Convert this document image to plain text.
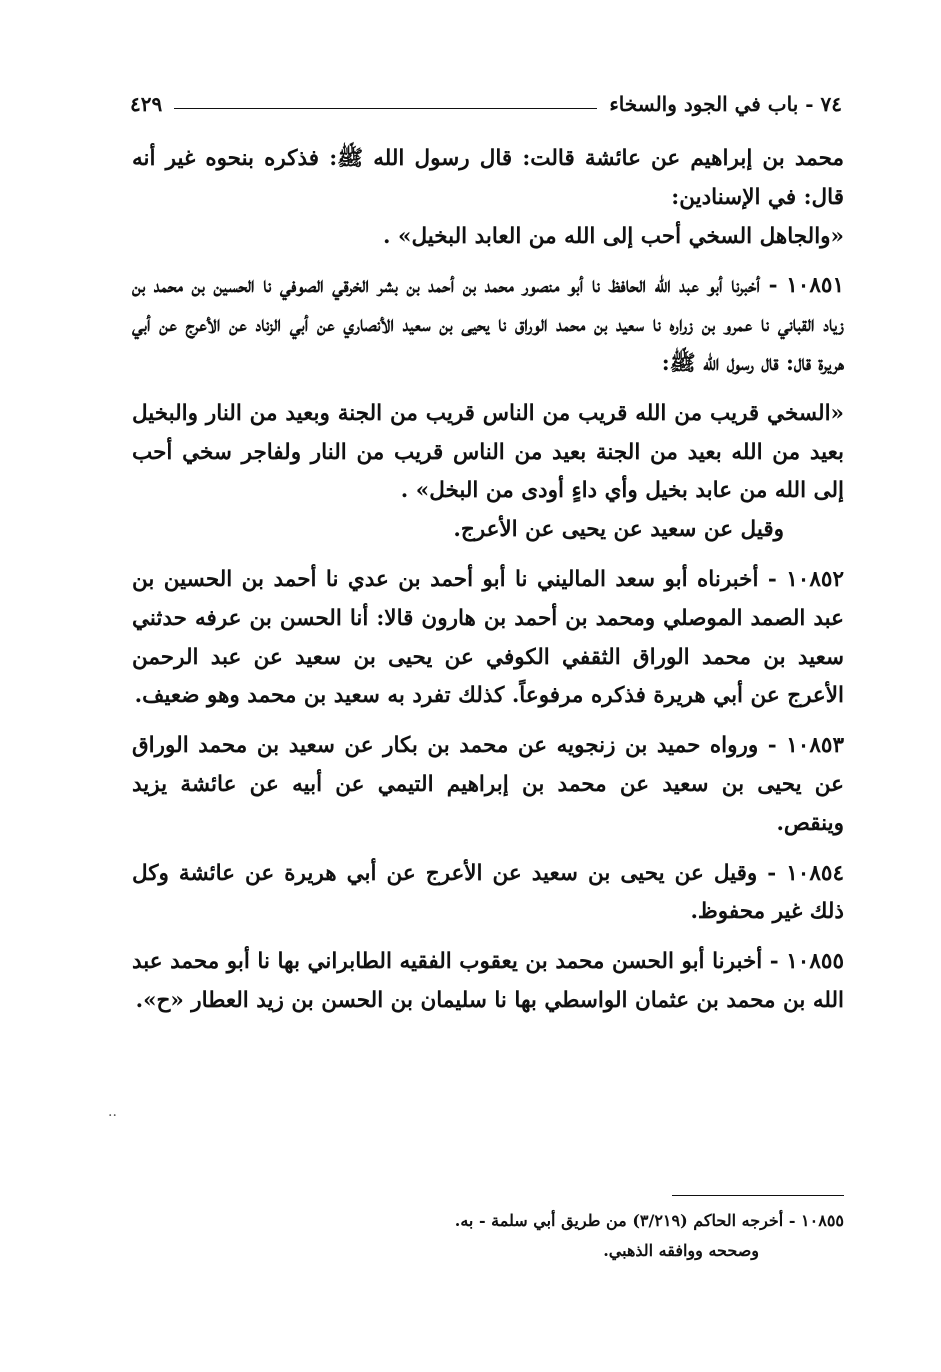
٧٤ - باب في الجود والسخاء
٤٢٩

محمد بن إبراهيم عن عائشة قالت: قال رسول الله ﷺ: فذكره بنحوه غير أنه قال: في الإسنادين:

«والجاهل السخي أحب إلى الله من العابد البخيل» .

١٠٨٥١ - أخبرنا أبو عبد الله الحافظ نا أبو منصور محمد بن أحمد بن بشر الخرقي الصوفي نا الحسين بن محمد بن زياد القباني نا عمرو بن زراره نا سعيد بن محمد الوراق نا يحيى بن سعيد الأنصاري عن أبي الزناد عن الأعرج عن أبي هريرة قال: قال رسول الله ﷺ:

«السخي قريب من الله قريب من الناس قريب من الجنة وبعيد من النار والبخيل بعيد من الله بعيد من الجنة بعيد من الناس قريب من النار ولفاجر سخي أحب إلى الله من عابد بخيل وأي داءٍ أودى من البخل» .

وقيل عن سعيد عن يحيى عن الأعرج.

١٠٨٥٢ - أخبرناه أبو سعد الماليني نا أبو أحمد بن عدي نا أحمد بن الحسين بن عبد الصمد الموصلي ومحمد بن أحمد بن هارون قالا: أنا الحسن بن عرفه حدثني سعيد بن محمد الوراق الثقفي الكوفي عن يحيى بن سعيد عن عبد الرحمن الأعرج عن أبي هريرة فذكره مرفوعاً. كذلك تفرد به سعيد بن محمد وهو ضعيف.

١٠٨٥٣ - ورواه حميد بن زنجويه عن محمد بن بكار عن سعيد بن محمد الوراق عن يحيى بن سعيد عن محمد بن إبراهيم التيمي عن أبيه عن عائشة يزيد وينقص.

١٠٨٥٤ - وقيل عن يحيى بن سعيد عن الأعرج عن أبي هريرة عن عائشة وكل ذلك غير محفوظ.

١٠٨٥٥ - أخبرنا أبو الحسن محمد بن يعقوب الفقيه الطابراني بها نا أبو محمد عبد الله بن محمد بن عثمان الواسطي بها نا سليمان بن الحسن بن زيد العطار «ح».

··

١٠٨٥٥ - أخرجه الحاكم (٣/٢١٩) من طريق أبي سلمة - به.

وصححه ووافقه الذهبي.
